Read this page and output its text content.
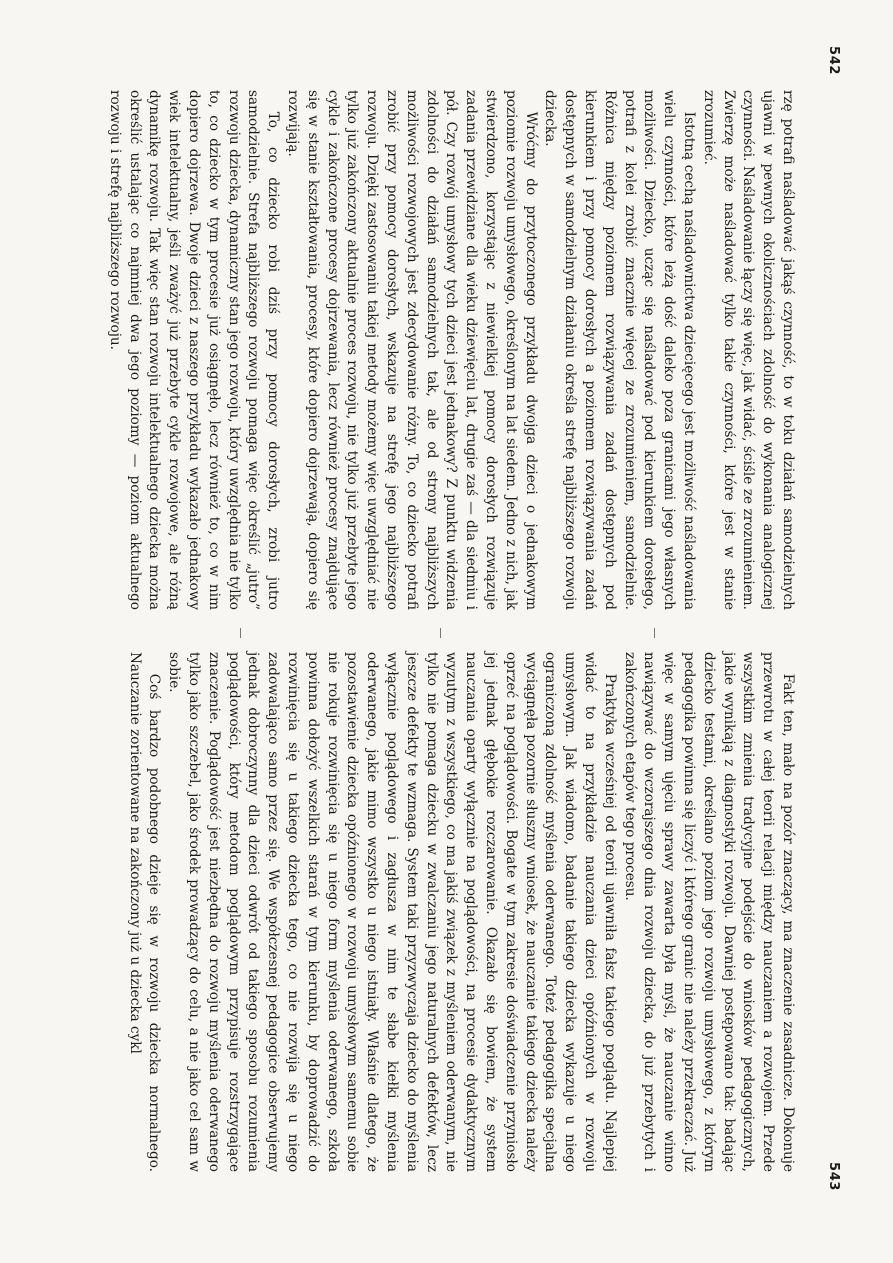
542

rzę potrafi naśladować jakąś czynność, to w toku działań samodzielnych ujawni w pewnych okolicznościach zdolność do wykonania analogicznej czynności. Naśladowanie łączy się więc, jak widać, ściśle ze zrozumieniem. Zwierzę może naśladować tylko takie czynności, które jest w stanie zrozumieć.

Istotną cechą naśladownictwa dziecięcego jest możliwość naśladowania wielu czynności, które leżą dość daleko poza granicami jego własnych możliwości. Dziecko, ucząc się naśladować pod kierunkiem dorosłego, potrafi z kolei zrobić znacznie więcej ze zrozumieniem, samodzielnie. Różnica między poziomem rozwiązywania zadań dostępnych pod kierunkiem i przy pomocy dorosłych a poziomem rozwiązywania zadań dostępnych w samodzielnym działaniu określa strefę najbliższego rozwoju dziecka.

Wróćmy do przytoczonego przykładu dwojga dzieci o jednakowym poziomie rozwoju umysłowego, określonym na lat siedem. Jedno z nich, jak stwierdzono, korzystając z niewielkiej pomocy dorosłych rozwiązuje zadania przewidziane dla wieku dziewięciu lat, drugie zaś — dla siedmiu i pół. Czy rozwój umysłowy tych dzieci jest jednakowy? Z punktu widzenia zdolności do działań samodzielnych tak, ale od strony najbliższych możliwości rozwojowych jest zdecydowanie różny. To, co dziecko potrafi zrobić przy pomocy dorosłych, wskazuje na strefę jego najbliższego rozwoju. Dzięki zastosowaniu takiej metody możemy więc uwzględniać nie tylko już zakończony aktualnie proces rozwoju, nie tylko już przebyte jego cykle i zakończone procesy dojrzewania, lecz również procesy znajdujące się w stanie kształtowania, procesy, które dopiero dojrzewają, dopiero się rozwijają.

To, co dziecko robi dziś przy pomocy dorosłych, zrobi jutro samodzielnie. Strefa najbliższego rozwoju pomaga więc określić „jutro” rozwoju dziecka, dynamiczny stan jego rozwoju, który uwzględnia nie tylko to, co dziecko w tym procesie już osiągnęło, lecz również to, co w nim dopiero dojrzewa. Dwoje dzieci z naszego przykładu wykazało jednakowy wiek intelektualny, jeśli zważyć już przebyte cykle rozwojowe, ale różną dynamikę rozwoju. Tak więc stan rozwoju intelektualnego dziecka można określić ustalając co najmniej dwa jego poziomy — poziom aktualnego rozwoju i strefę najbliższego rozwoju.

Fakt ten, mało na pozór znaczący, ma znaczenie zasadnicze. Dokonuje przewrotu w całej teorii relacji między nauczaniem a rozwojem. Przede wszystkim zmienia tradycyjne podejście do wniosków pedagogicznych, jakie wynikają z diagnostyki rozwoju. Dawniej postępowano tak: badając dziecko testami, określano poziom jego rozwoju umysłowego, z którym pedagogika powinna się liczyć i którego granic nie należy przekraczać. Już więc w samym ujęciu sprawy zawarta była myśl, że nauczanie winno nawiązywać do wczorajszego dnia rozwoju dziecka, do już przebytych i zakończonych etapów tego procesu.

Praktyka wcześniej od teorii ujawniła fałsz takiego poglądu. Najlepiej widać to na przykładzie nauczania dzieci opóźnionych w rozwoju umysłowym. Jak wiadomo, badanie takiego dziecka wykazuje u niego ograniczoną zdolność myślenia oderwanego. Toteż pedagogika specjalna wyciągnęła pozornie słuszny wniosek, że nauczanie takiego dziecka należy oprzeć na poglądowości. Bogate w tym zakresie doświadczenie przyniosło jej jednak głębokie rozczarowanie. Okazało się bowiem, że system nauczania oparty wyłącznie na poglądowości, na procesie dydaktycznym wyzutym z wszystkiego, co ma jakiś związek z myśleniem oderwanym, nie tylko nie pomaga dziecku w zwalczaniu jego naturalnych defektów, lecz jeszcze defekty te wzmaga. System taki przyzwyczaja dziecko do myślenia wyłącznie poglądowego i zagłusza w nim te słabe kiełki myślenia oderwanego, jakie mimo wszystko u niego istniały. Właśnie dlatego, że pozostawienie dziecka opóźnionego w rozwoju umysłowym samemu sobie nie rokuje rozwinięcia się u niego form myślenia oderwanego, szkoła powinna dołożyć wszelkich starań w tym kierunku, by doprowadzić do rozwinięcia się u takiego dziecka tego, co nie rozwija się u niego zadowalająco samo przez się. We współczesnej pedagogice obserwujemy jednak dobroczynny dla dzieci odwrót od takiego sposobu rozumienia poglądowości, który metodom poglądowym przypisuje rozstrzygające znaczenie. Poglądowość jest niezbędna do rozwoju myślenia oderwanego tylko jako szczebel, jako środek prowadzący do celu, a nie jako cel sam w sobie.

Coś bardzo podobnego dzieje się w rozwoju dziecka normalnego. Nauczanie zorientowane na zakończony już u dziecka cykl

543
